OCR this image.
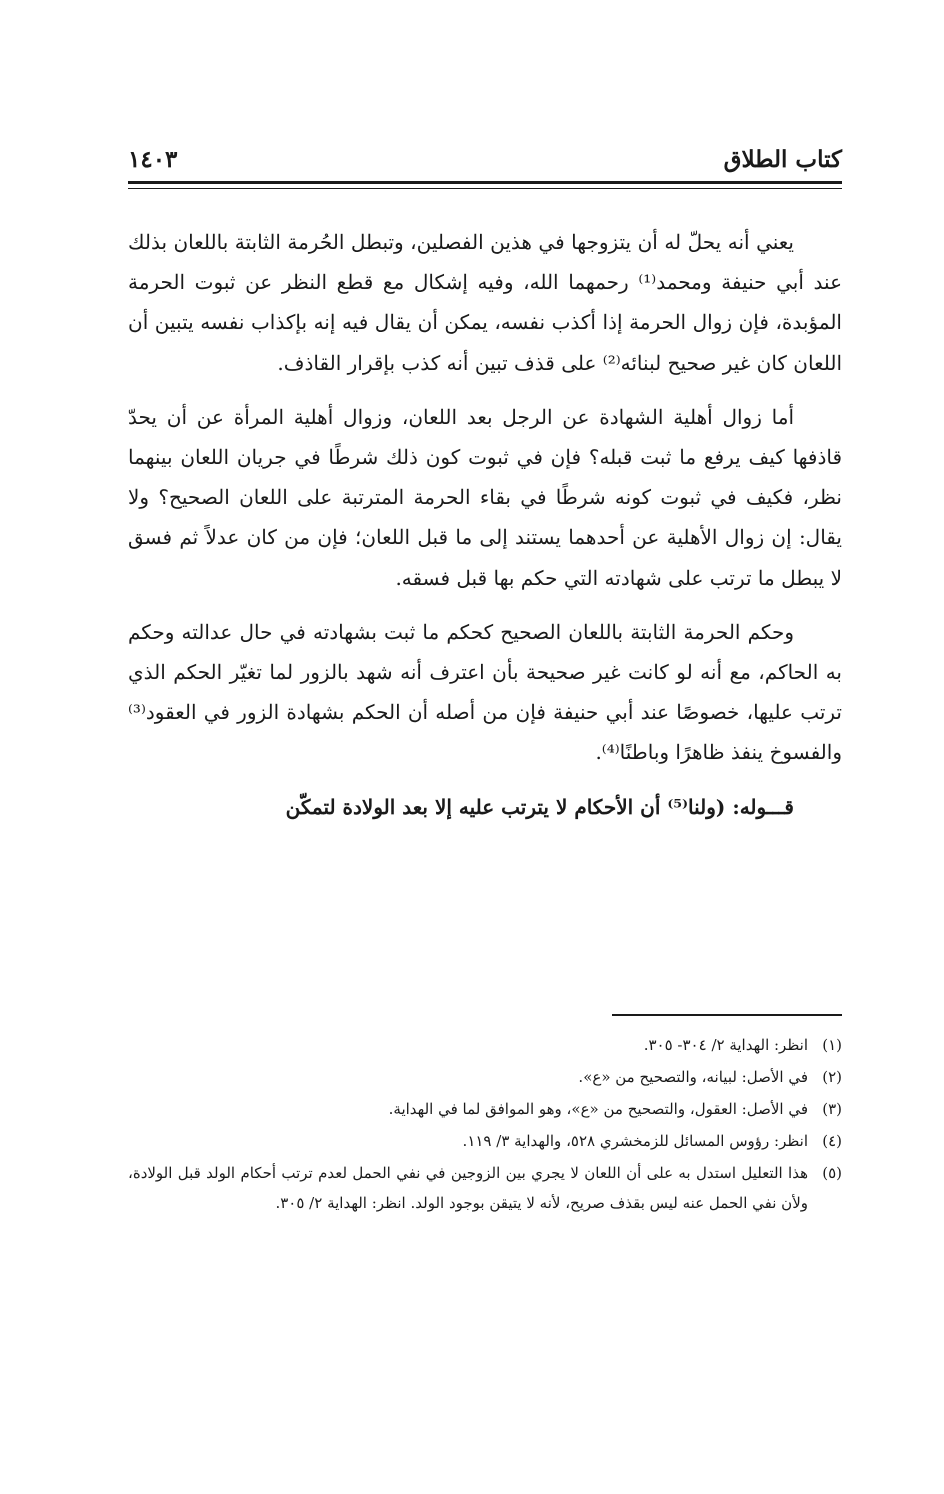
كتاب الطلاق
١٤٠٣

يعني أنه يحلّ له أن يتزوجها في هذين الفصلين، وتبطل الحُرمة الثابتة باللعان بذلك عند أبي حنيفة ومحمد⁽¹⁾ رحمهما الله، وفيه إشكال مع قطع النظر عن ثبوت الحرمة المؤبدة، فإن زوال الحرمة إذا أكذب نفسه، يمكن أن يقال فيه إنه بإكذاب نفسه يتبين أن اللعان كان غير صحيح لبنائه⁽²⁾ على قذف تبين أنه كذب بإقرار القاذف.

أما زوال أهلية الشهادة عن الرجل بعد اللعان، وزوال أهلية المرأة عن أن يحدّ قاذفها كيف يرفع ما ثبت قبله؟ فإن في ثبوت كون ذلك شرطًا في جريان اللعان بينهما نظر، فكيف في ثبوت كونه شرطًا في بقاء الحرمة المترتبة على اللعان الصحيح؟ ولا يقال: إن زوال الأهلية عن أحدهما يستند إلى ما قبل اللعان؛ فإن من كان عدلاً ثم فسق لا يبطل ما ترتب على شهادته التي حكم بها قبل فسقه.

وحكم الحرمة الثابتة باللعان الصحيح كحكم ما ثبت بشهادته في حال عدالته وحكم به الحاكم، مع أنه لو كانت غير صحيحة بأن اعترف أنه شهد بالزور لما تغيّر الحكم الذي ترتب عليها، خصوصًا عند أبي حنيفة فإن من أصله أن الحكم بشهادة الزور في العقود⁽³⁾ والفسوخ ينفذ ظاهرًا وباطنًا⁽⁴⁾.

قـــوله: (ولنا⁽⁵⁾ أن الأحكام لا يترتب عليه إلا بعد الولادة لتمكّن

(١)
انظر: الهداية ٢/ ٣٠٤- ٣٠٥.
(٢)
في الأصل: لبيانه، والتصحيح من «ع».
(٣)
في الأصل: العقول، والتصحيح من «ع»، وهو الموافق لما في الهداية.
(٤)
انظر: رؤوس المسائل للزمخشري ٥٢٨، والهداية ٣/ ١١٩.
(٥)
هذا التعليل استدل به على أن اللعان لا يجري بين الزوجين في نفي الحمل لعدم ترتب أحكام الولد قبل الولادة، ولأن نفي الحمل عنه ليس بقذف صريح، لأنه لا يتيقن بوجود الولد. انظر: الهداية ٢/ ٣٠٥.
